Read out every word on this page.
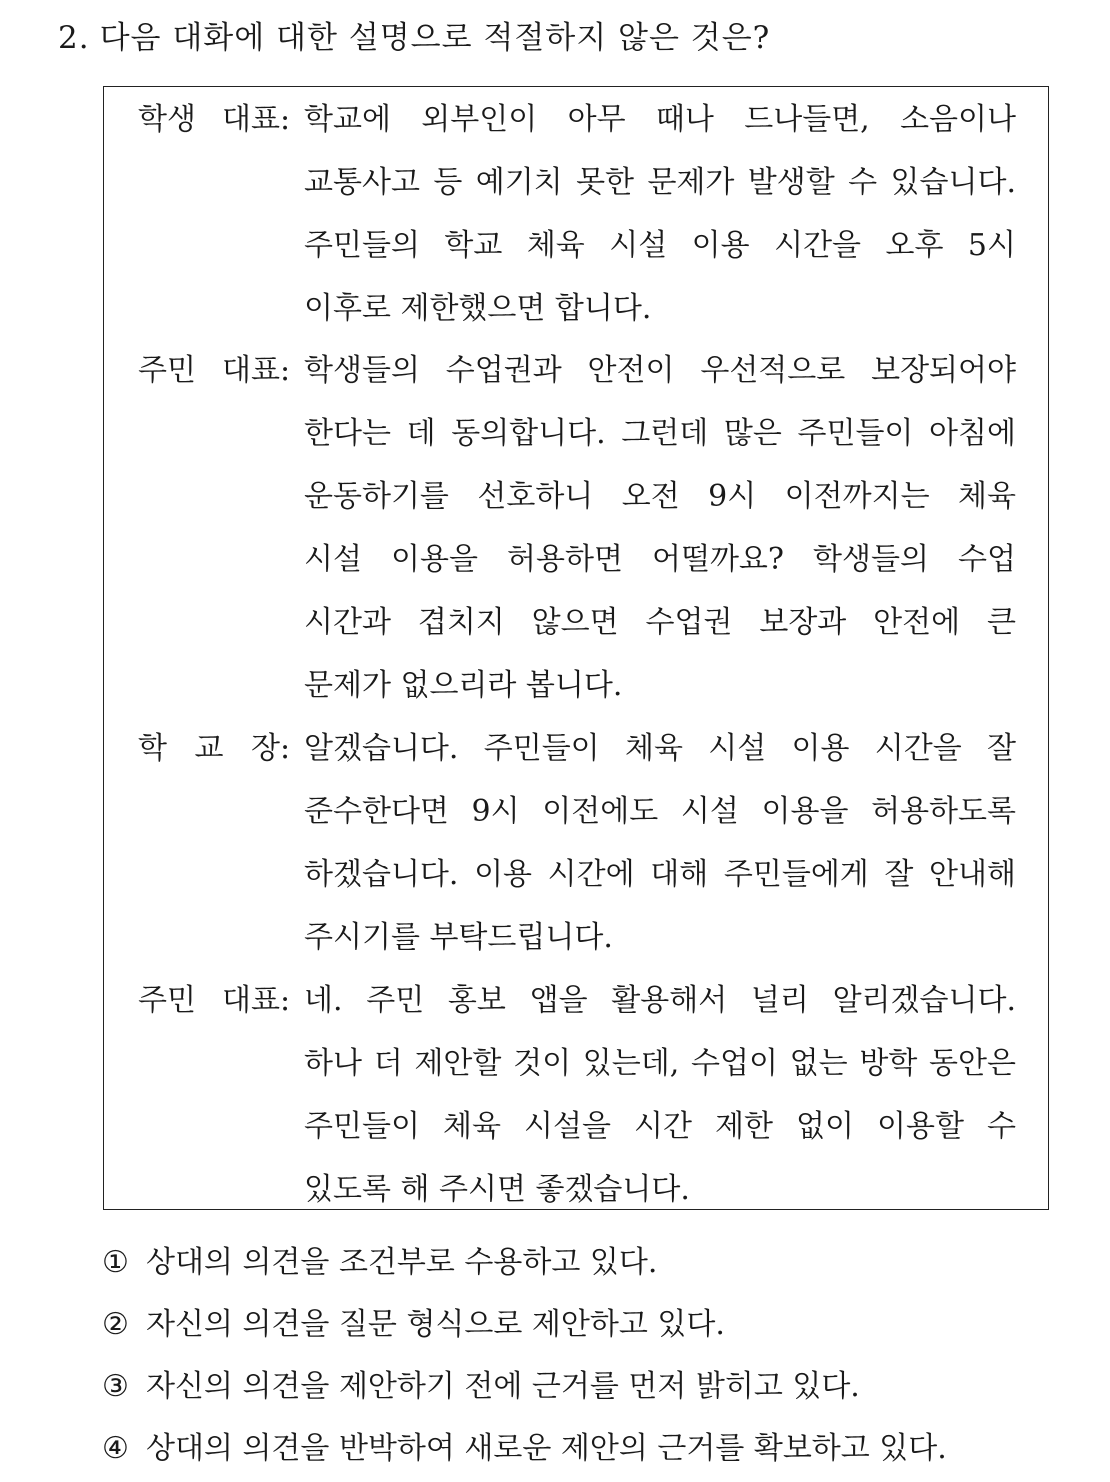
2. 다음 대화에 대한 설명으로 적절하지 않은 것은?
학생 대표: 학교에 외부인이 아무 때나 드나들면, 소음이나
교통사고 등 예기치 못한 문제가 발생할 수 있습니다.
주민들의 학교 체육 시설 이용 시간을 오후 5시
이후로 제한했으면 합니다.
주민 대표: 학생들의 수업권과 안전이 우선적으로 보장되어야
한다는 데 동의합니다. 그런데 많은 주민들이 아침에
운동하기를 선호하니 오전 9시 이전까지는 체육
시설 이용을 허용하면 어떨까요? 학생들의 수업
시간과 겹치지 않으면 수업권 보장과 안전에 큰
문제가 없으리라 봅니다.
학 교 장: 알겠습니다. 주민들이 체육 시설 이용 시간을 잘
준수한다면 9시 이전에도 시설 이용을 허용하도록
하겠습니다. 이용 시간에 대해 주민들에게 잘 안내해
주시기를 부탁드립니다.
주민 대표: 네. 주민 홍보 앱을 활용해서 널리 알리겠습니다.
하나 더 제안할 것이 있는데, 수업이 없는 방학 동안은
주민들이 체육 시설을 시간 제한 없이 이용할 수
있도록 해 주시면 좋겠습니다.
① 상대의 의견을 조건부로 수용하고 있다.
② 자신의 의견을 질문 형식으로 제안하고 있다.
③ 자신의 의견을 제안하기 전에 근거를 먼저 밝히고 있다.
④ 상대의 의견을 반박하여 새로운 제안의 근거를 확보하고 있다.
